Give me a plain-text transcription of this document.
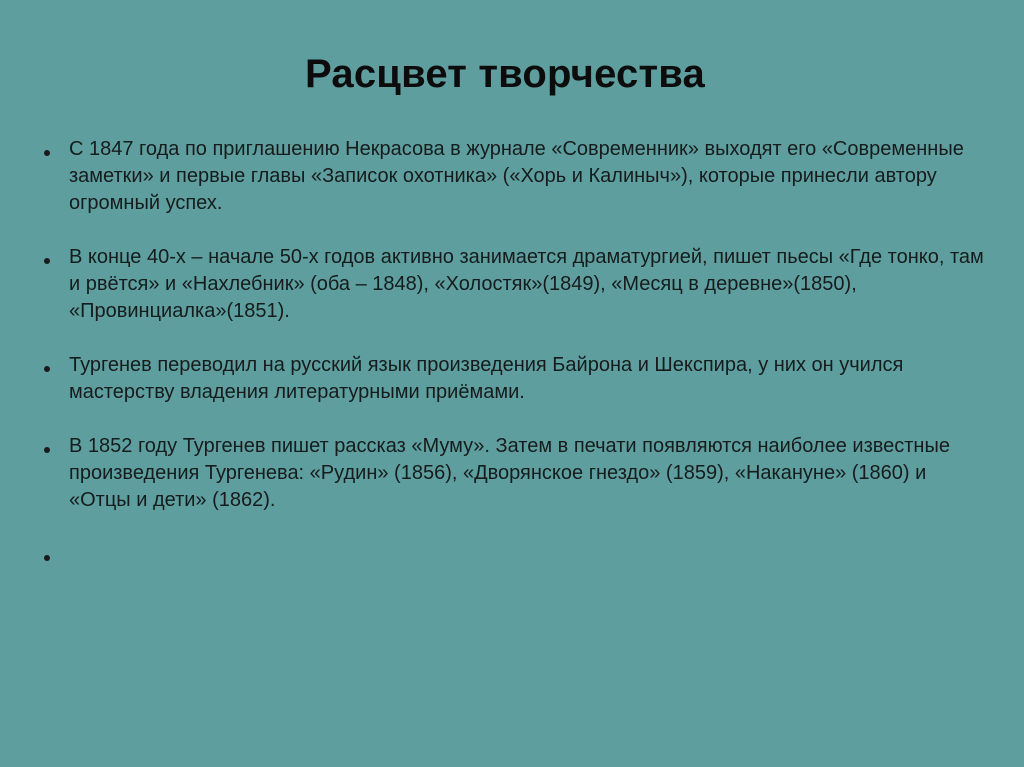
Расцвет творчества
С 1847 года по приглашению Некрасова в журнале «Современник» выходят его «Современные заметки» и первые главы «Записок охотника» («Хорь и Калиныч»), которые принесли автору огромный успех.
В конце 40-х – начале 50-х годов активно занимается драматургией, пишет пьесы «Где тонко, там и рвётся» и «Нахлебник» (оба – 1848), «Холостяк»(1849), «Месяц в деревне»(1850), «Провинциалка»(1851).
Тургенев переводил на русский язык произведения Байрона и Шекспира, у них он учился мастерству владения литературными приёмами.
В 1852 году Тургенев пишет рассказ «Муму». Затем в печати появляются наиболее известные произведения Тургенева: «Рудин» (1856), «Дворянское гнездо» (1859), «Накануне» (1860) и «Отцы и дети» (1862).
